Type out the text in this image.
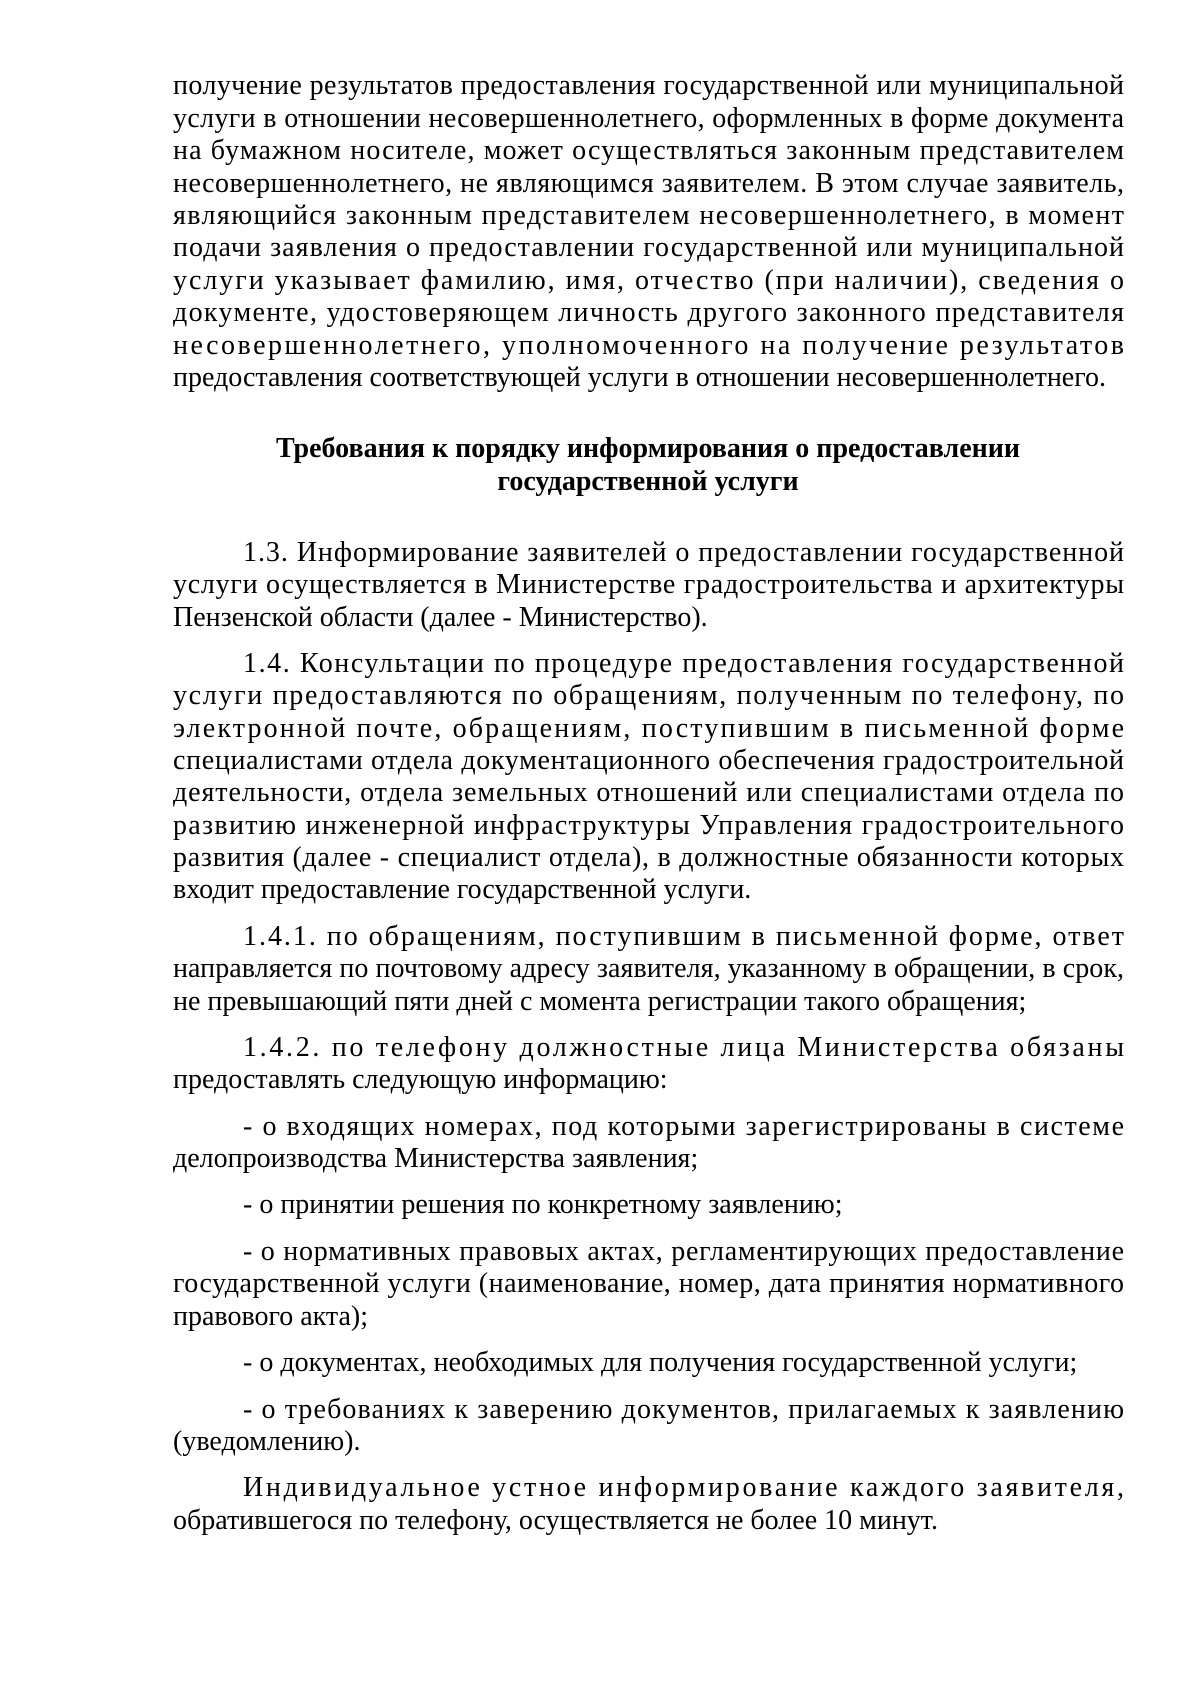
получение результатов предоставления государственной или муниципальной
услуги в отношении несовершеннолетнего, оформленных в форме документа
на бумажном носителе, может осуществляться законным представителем
несовершеннолетнего, не являющимся заявителем. В этом случае заявитель,
являющийся законным представителем несовершеннолетнего, в момент
подачи заявления о предоставлении государственной или муниципальной
услуги указывает фамилию, имя, отчество (при наличии), сведения о
документе, удостоверяющем личность другого законного представителя
несовершеннолетнего, уполномоченного на получение результатов
предоставления соответствующей услуги в отношении несовершеннолетнего.
Требования к порядку информирования о предоставлении
государственной услуги
1.3. Информирование заявителей о предоставлении государственной
услуги осуществляется в Министерстве градостроительства и архитектуры
Пензенской области (далее - Министерство).
1.4. Консультации по процедуре предоставления государственной
услуги предоставляются по обращениям, полученным по телефону, по
электронной почте, обращениям, поступившим в письменной форме
специалистами отдела документационного обеспечения градостроительной
деятельности, отдела земельных отношений или специалистами отдела по
развитию инженерной инфраструктуры Управления градостроительного
развития (далее - специалист отдела), в должностные обязанности которых
входит предоставление государственной услуги.
1.4.1. по обращениям, поступившим в письменной форме, ответ
направляется по почтовому адресу заявителя, указанному в обращении, в срок,
не превышающий пяти дней с момента регистрации такого обращения;
1.4.2. по телефону должностные лица Министерства обязаны
предоставлять следующую информацию:
- о входящих номерах, под которыми зарегистрированы в системе
делопроизводства Министерства заявления;
- о принятии решения по конкретному заявлению;
- о нормативных правовых актах, регламентирующих предоставление
государственной услуги (наименование, номер, дата принятия нормативного
правового акта);
- о документах, необходимых для получения государственной услуги;
- о требованиях к заверению документов, прилагаемых к заявлению
(уведомлению).
Индивидуальное устное информирование каждого заявителя,
обратившегося по телефону, осуществляется не более 10 минут.
